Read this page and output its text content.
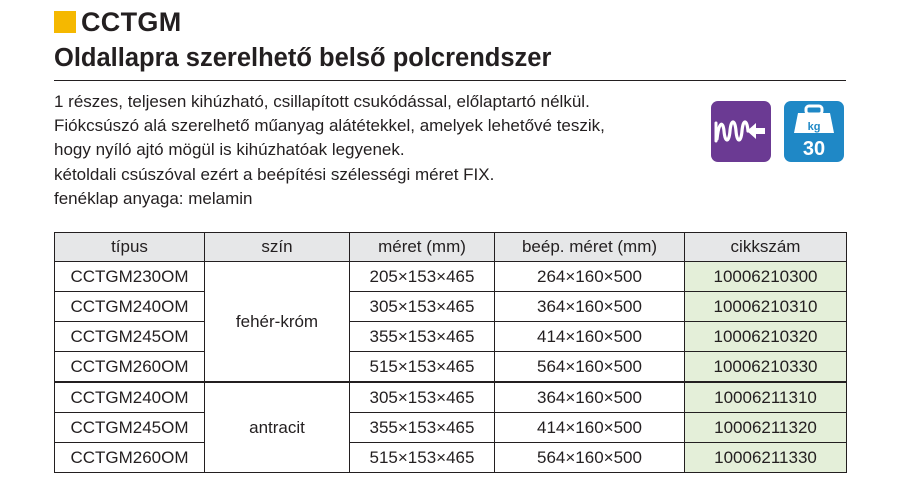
CCTGM
Oldallapra szerelhető belső polcrendszer
1 részes, teljesen kihúzható, csillapított csukódással, előlaptartó nélkül.
Fiókcsúszó alá szerelhető műanyag alátétekkel, amelyek lehetővé teszik,
hogy nyíló ajtó mögül is kihúzhatóak legyenek.
kétoldali csúszóval ezért a beépítési szélességi méret FIX.
fenéklap anyaga: melamin
kg
30
típus	szín	méret (mm)	beép. méret (mm)	cikkszám
CCTGM230OM	fehér-króm	205×153×465	264×160×500	10006210300
CCTGM240OM		305×153×465	364×160×500	10006210310
CCTGM245OM		355×153×465	414×160×500	10006210320
CCTGM260OM		515×153×465	564×160×500	10006210330
CCTGM240OM	antracit	305×153×465	364×160×500	10006211310
CCTGM245OM		355×153×465	414×160×500	10006211320
CCTGM260OM		515×153×465	564×160×500	10006211330
